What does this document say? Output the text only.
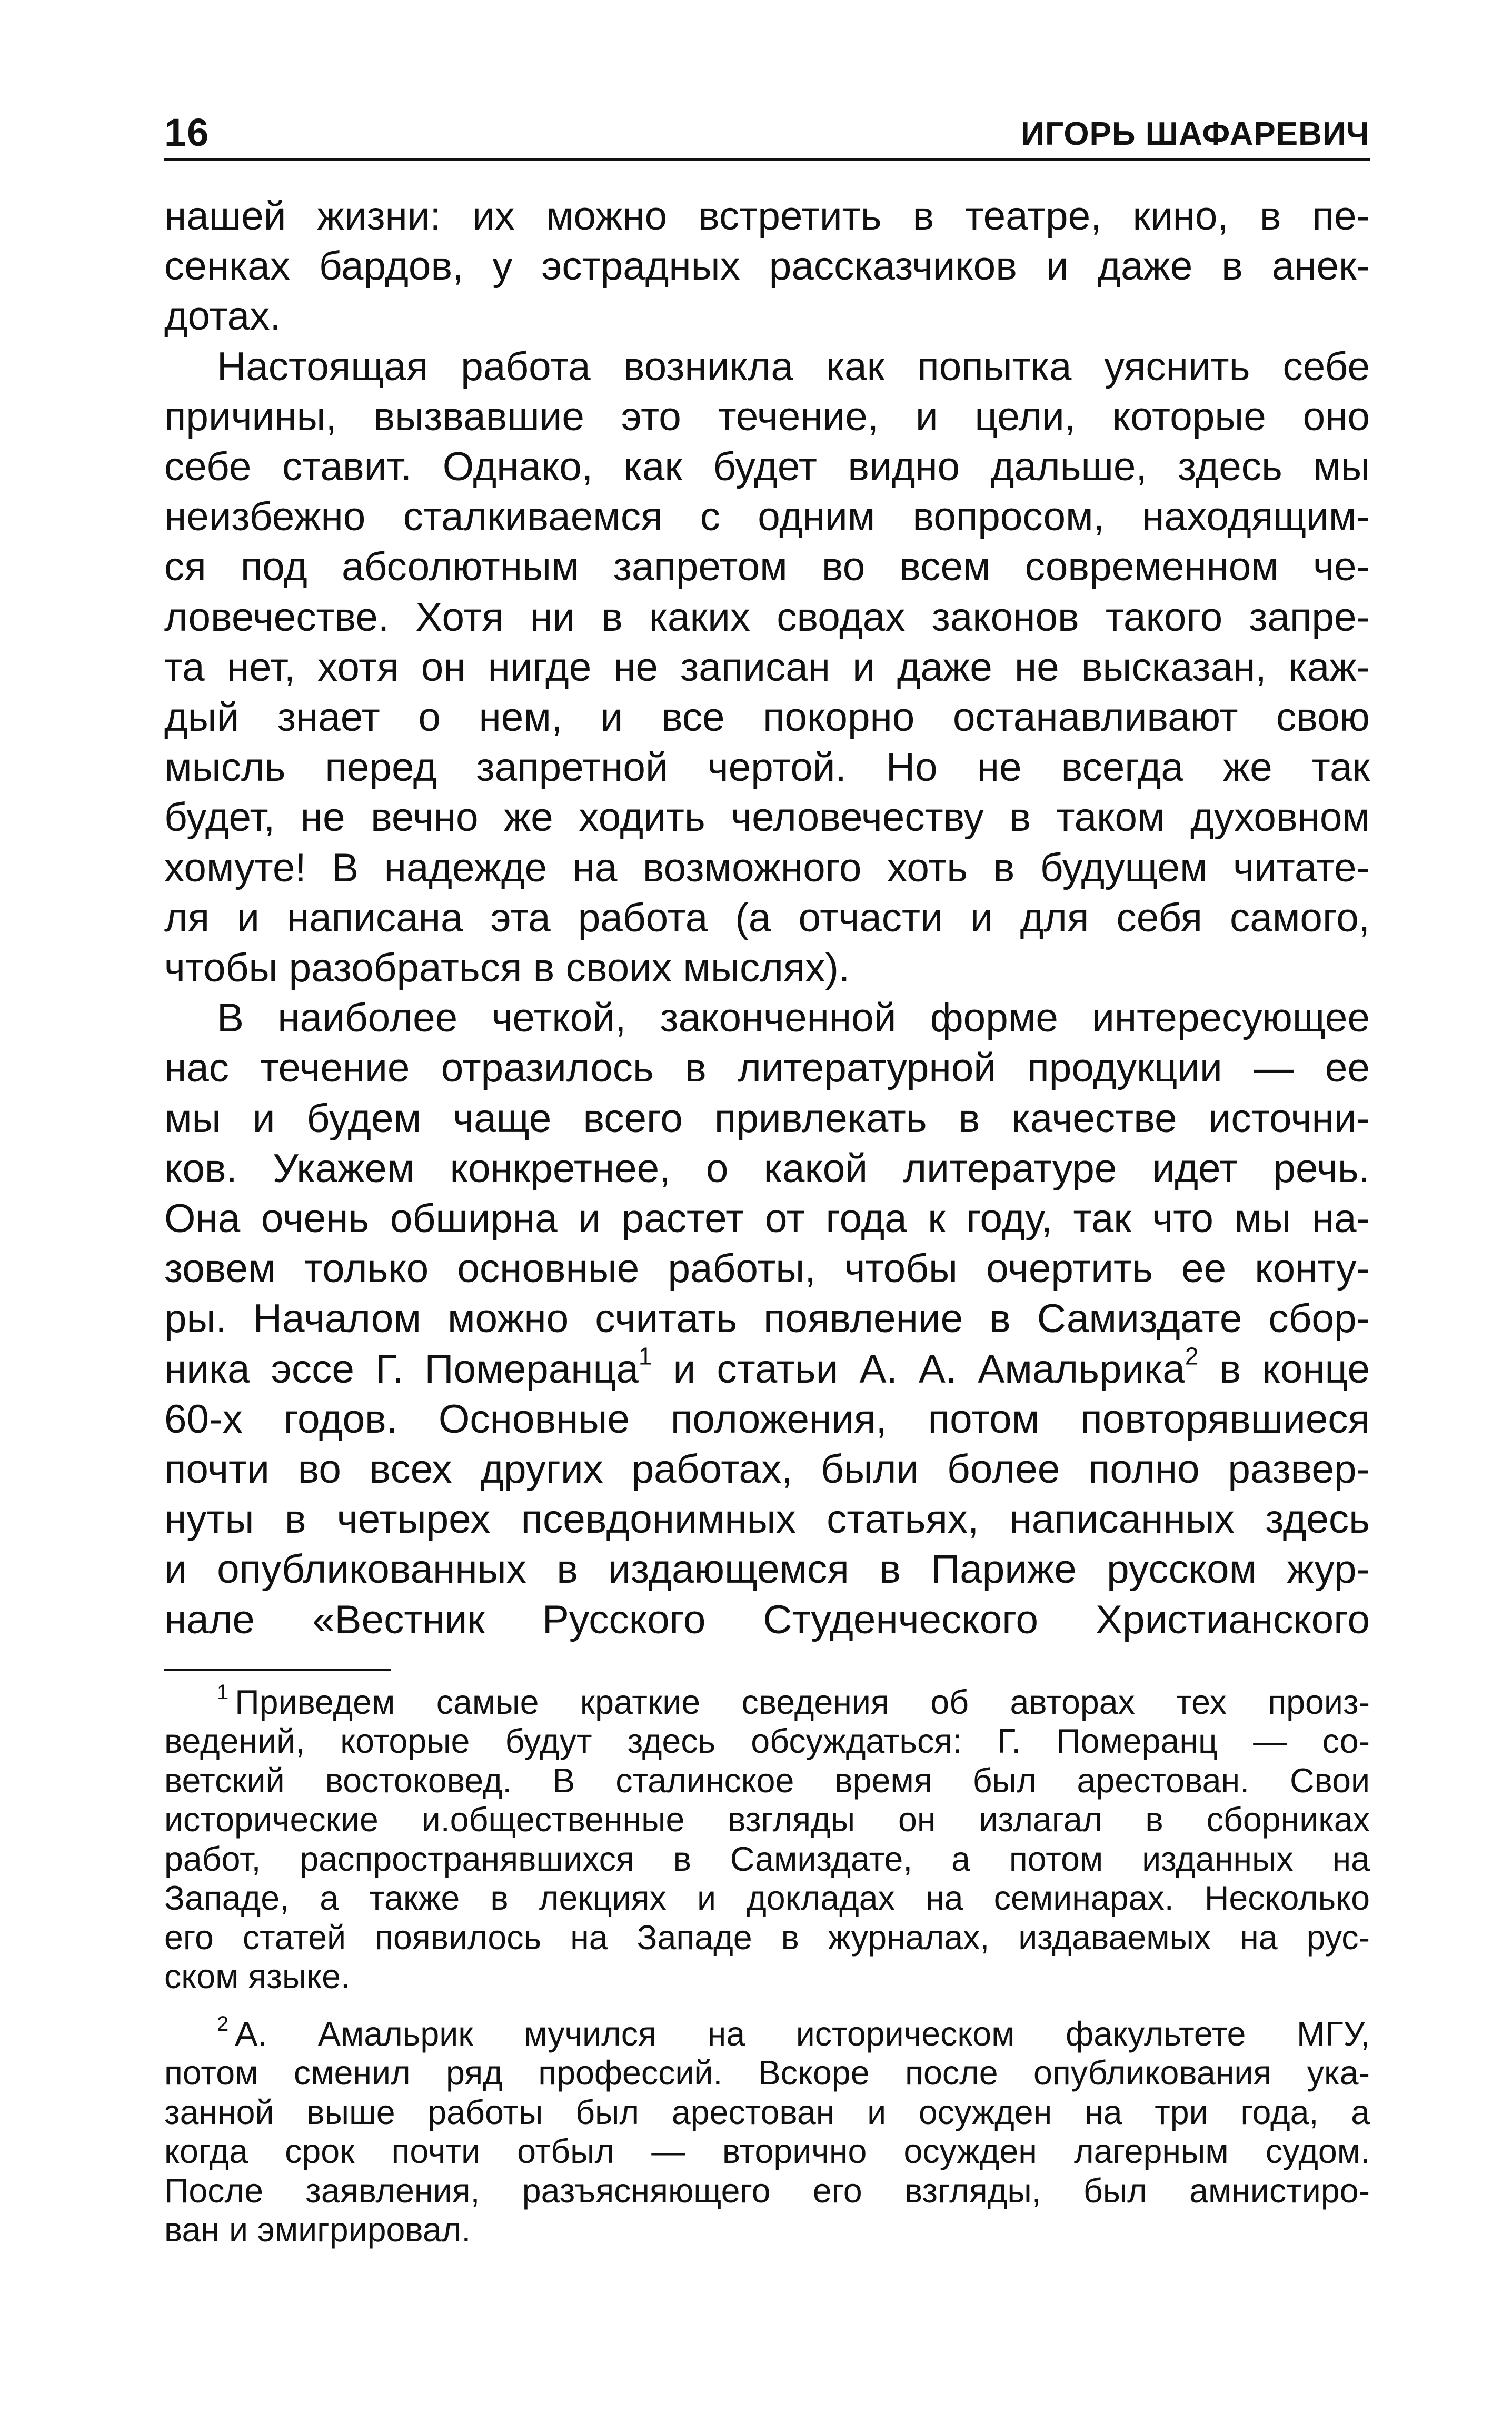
16	ИГОРЬ ШАФАРЕВИЧ

нашей жизни: их можно встретить в театре, кино, в пе-
сенках бардов, у эстрадных рассказчиков и даже в анек-
дотах.

Настоящая работа возникла как попытка уяснить себе
причины, вызвавшие это течение, и цели, которые оно
себе ставит. Однако, как будет видно дальше, здесь мы
неизбежно сталкиваемся с одним вопросом, находящим-
ся под абсолютным запретом во всем современном че-
ловечестве. Хотя ни в каких сводах законов такого запре-
та нет, хотя он нигде не записан и даже не высказан, каж-
дый знает о нем, и все покорно останавливают свою
мысль перед запретной чертой. Но не всегда же так
будет, не вечно же ходить человечеству в таком духовном
хомуте! В надежде на возможного хоть в будущем читате-
ля и написана эта работа (а отчасти и для себя самого,
чтобы разобраться в своих мыслях).

В наиболее четкой, законченной форме интересующее
нас течение отразилось в литературной продукции — ее
мы и будем чаще всего привлекать в качестве источни-
ков. Укажем конкретнее, о какой литературе идет речь.
Она очень обширна и растет от года к году, так что мы на-
зовем только основные работы, чтобы очертить ее конту-
ры. Началом можно считать появление в Самиздате сбор-
ника эссе Г. Померанца$^1$ и статьи А. А. Амальрика$^2$ в конце
60-х годов. Основные положения, потом повторявшиеся
почти во всех других работах, были более полно развер-
нуты в четырех псевдонимных статьях, написанных здесь
и опубликованных в издающемся в Париже русском жур-
нале «Вестник Русского Студенческого Христианского

$^1$ Приведем самые краткие сведения об авторах тех произ-
ведений, которые будут здесь обсуждаться: Г. Померанц — со-
ветский востоковед. В сталинское время был арестован. Свои
исторические и.общественные взгляды он излагал в сборниках
работ, распространявшихся в Самиздате, а потом изданных на
Западе, а также в лекциях и докладах на семинарах. Несколько
его статей появилось на Западе в журналах, издаваемых на рус-
ском языке.
$^2$ А. Амальрик мучился на историческом факультете МГУ,
потом сменил ряд профессий. Вскоре после опубликования ука-
занной выше работы был арестован и осужден на три года, а
когда срок почти отбыл — вторично осужден лагерным судом.
После заявления, разъясняющего его взгляды, был амнистиро-
ван и эмигрировал.
